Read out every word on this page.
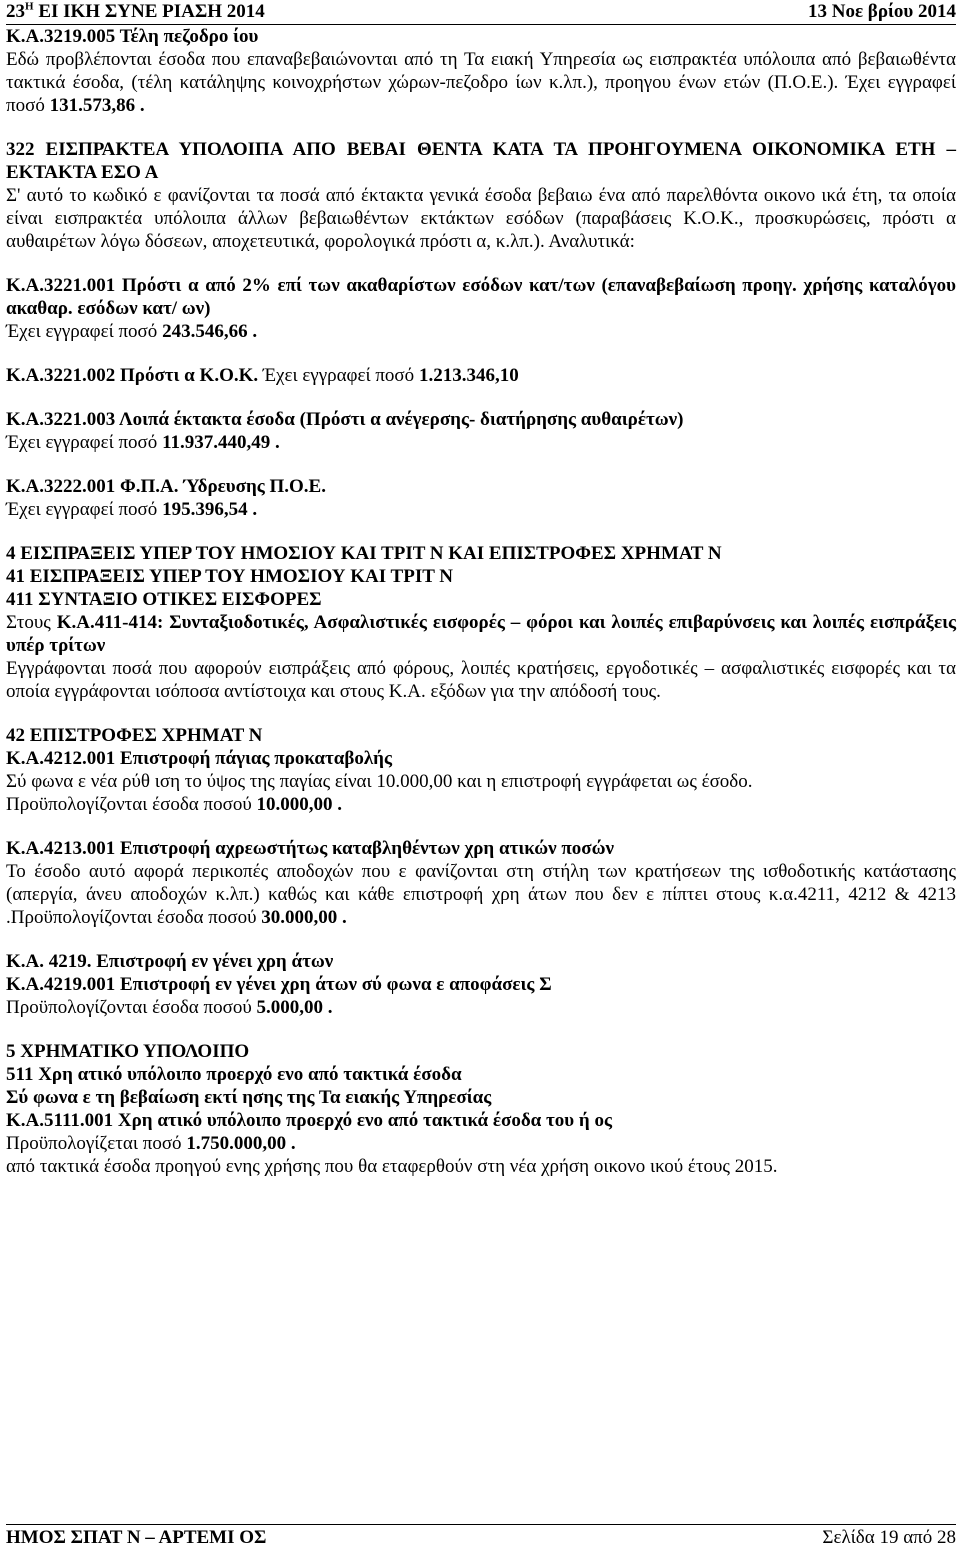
$23^H$ ΕΙ ΙΚΗ ΣΥΝΕ ΡΙΑΣΗ 2014	13 Νοε βρίου 2014

Κ.Α.3219.005 Τέλη πεζοδρο ίου

Εδώ προβλέπονται έσοδα που επαναβεβαιώνονται από τη Τα ειακή Υπηρεσία ως εισπρακτέα υπόλοιπα από βεβαιωθέντα τακτικά έσοδα, (τέλη κατάληψης κοινοχρήστων χώρων-πεζοδρο ίων κ.λπ.), προηγου ένων ετών (Π.Ο.Ε.). Έχει εγγραφεί ποσό 131.573,86 .

322 ΕΙΣΠΡΑΚΤΕΑ ΥΠΟΛΟΙΠΑ ΑΠΟ ΒΕΒΑΙ ΘΕΝΤΑ ΚΑΤΑ ΤΑ ΠΡΟΗΓΟΥΜΕΝΑ ΟΙΚΟΝΟΜΙΚΑ ΕΤΗ – ΕΚΤΑΚΤΑ ΕΣΟ Α

Σ' αυτό το κωδικό ε φανίζονται τα ποσά από έκτακτα γενικά έσοδα βεβαιω ένα από παρελθόντα οικονο ικά έτη, τα οποία είναι εισπρακτέα υπόλοιπα άλλων βεβαιωθέντων εκτάκτων εσόδων (παραβάσεις Κ.Ο.Κ., προσκυρώσεις, πρόστι α αυθαιρέτων λόγω δόσεων, αποχετευτικά, φορολογικά πρόστι α, κ.λπ.). Αναλυτικά:

Κ.Α.3221.001 Πρόστι α από 2% επί των ακαθαρίστων εσόδων κατ/των (επαναβεβαίωση προηγ. χρήσης καταλόγου ακαθαρ. εσόδων κατ/ ων)

Έχει εγγραφεί ποσό 243.546,66 .

Κ.Α.3221.002 Πρόστι α Κ.Ο.Κ. Έχει εγγραφεί ποσό 1.213.346,10

Κ.Α.3221.003 Λοιπά έκτακτα έσοδα (Πρόστι α ανέγερσης- διατήρησης αυθαιρέτων)

Έχει εγγραφεί ποσό 11.937.440,49 .

Κ.Α.3222.001 Φ.Π.Α. Ύδρευσης Π.Ο.Ε.

Έχει εγγραφεί ποσό 195.396,54 .

4 ΕΙΣΠΡΑΞΕΙΣ ΥΠΕΡ ΤΟΥ ΗΜΟΣΙΟΥ ΚΑΙ ΤΡΙΤ Ν ΚΑΙ ΕΠΙΣΤΡΟΦΕΣ ΧΡΗΜΑΤ Ν

41 ΕΙΣΠΡΑΞΕΙΣ ΥΠΕΡ ΤΟΥ ΗΜΟΣΙΟΥ ΚΑΙ ΤΡΙΤ Ν

411 ΣΥΝΤΑΞΙΟ ΟΤΙΚΕΣ ΕΙΣΦΟΡΕΣ

Στους Κ.Α.411-414: Συνταξιοδοτικές, Ασφαλιστικές εισφορές – φόροι και λοιπές επιβαρύνσεις και λοιπές εισπράξεις υπέρ τρίτων

Εγγράφονται ποσά που αφορούν εισπράξεις από φόρους, λοιπές κρατήσεις, εργοδοτικές – ασφαλιστικές εισφορές και τα οποία εγγράφονται ισόποσα αντίστοιχα και στους Κ.Α. εξόδων για την απόδοσή τους.

42 ΕΠΙΣΤΡΟΦΕΣ ΧΡΗΜΑΤ Ν

Κ.Α.4212.001 Επιστροφή πάγιας προκαταβολής

Σύ φωνα ε νέα ρύθ ιση το ύψος της παγίας είναι 10.000,00 και η επιστροφή εγγράφεται ως έσοδο.

Προϋπολογίζονται έσοδα ποσού 10.000,00 .

Κ.Α.4213.001 Επιστροφή αχρεωστήτως καταβληθέντων χρη ατικών ποσών

Το έσοδο αυτό αφορά περικοπές αποδοχών που ε φανίζονται στη στήλη των κρατήσεων της ισθοδοτικής κατάστασης (απεργία, άνευ αποδοχών κ.λπ.) καθώς και κάθε επιστροφή χρη άτων που δεν ε πίπτει στους κ.α.4211, 4212 & 4213 .Προϋπολογίζονται έσοδα ποσού 30.000,00 .

Κ.Α. 4219. Επιστροφή εν γένει χρη άτων

Κ.Α.4219.001 Επιστροφή εν γένει χρη άτων σύ φωνα ε αποφάσεις Σ

Προϋπολογίζονται έσοδα ποσού 5.000,00 .

5 ΧΡΗΜΑΤΙΚΟ ΥΠΟΛΟΙΠΟ

511 Χρη ατικό υπόλοιπο προερχό ενο από τακτικά έσοδα

Σύ φωνα ε τη βεβαίωση εκτί ησης της Τα ειακής Υπηρεσίας

Κ.Α.5111.001 Χρη ατικό υπόλοιπο προερχό ενο από τακτικά έσοδα του ή ος

Προϋπολογίζεται ποσό 1.750.000,00 .

από τακτικά έσοδα προηγού ενης χρήσης που θα εταφερθούν στη νέα χρήση οικονο ικού έτους 2015.

ΗΜΟΣ ΣΠΑΤ Ν – ΑΡΤΕΜΙ ΟΣ	Σελίδα 19 από 28
